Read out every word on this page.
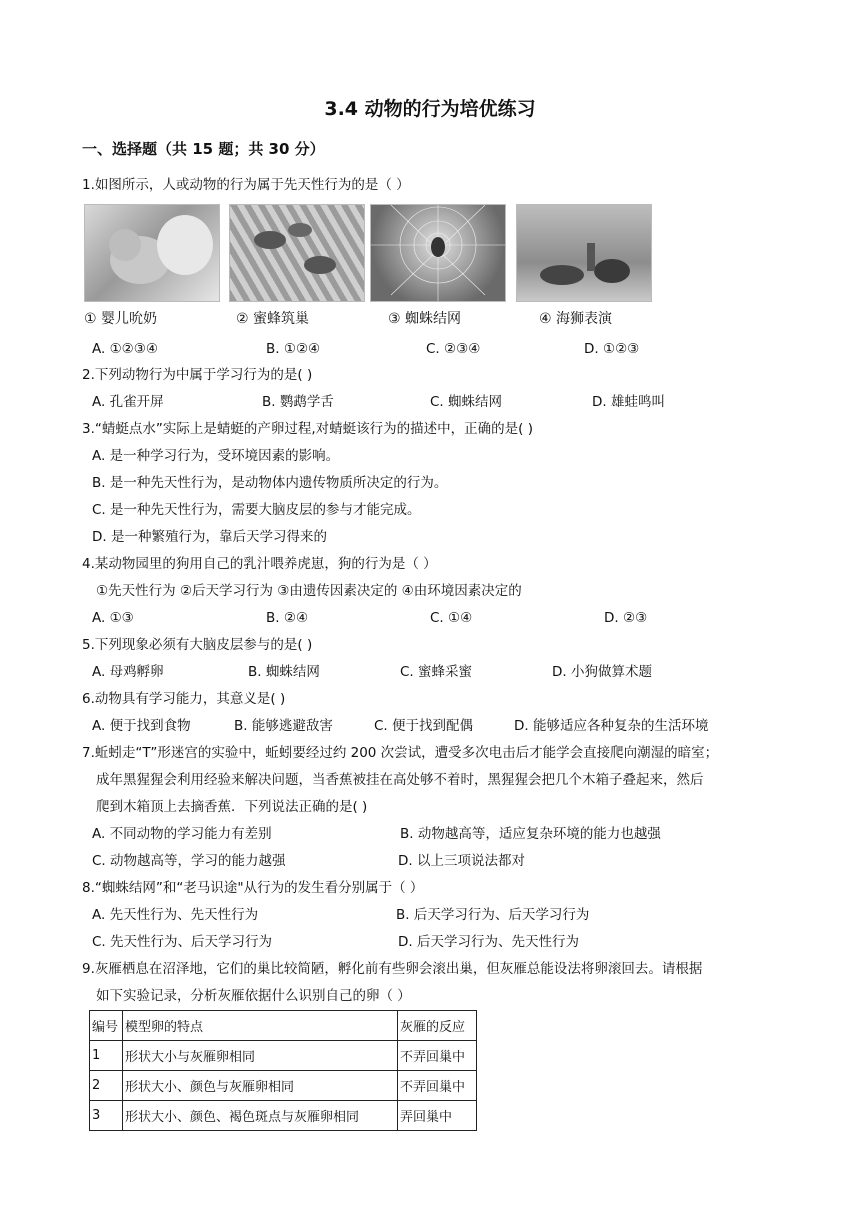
3.4 动物的行为培优练习
一、选择题（共 15 题；共 30 分）
1.如图所示，人或动物的行为属于先天性行为的是（ ）
① 婴儿吮奶	② 蜜蜂筑巢	③ 蜘蛛结网	④ 海狮表演
A. ①②③④	B. ①②④	C. ②③④	D. ①②③
2.下列动物行为中属于学习行为的是( )
A. 孔雀开屏	B. 鹦鹉学舌	C. 蜘蛛结网	D. 雄蛙鸣叫
3.“蜻蜓点水”实际上是蜻蜓的产卵过程,对蜻蜓该行为的描述中，正确的是( )
A. 是一种学习行为，受环境因素的影响。
B. 是一种先天性行为，是动物体内遗传物质所决定的行为。
C. 是一种先天性行为，需要大脑皮层的参与才能完成。
D. 是一种繁殖行为，靠后天学习得来的
4.某动物园里的狗用自己的乳汁喂养虎崽，狗的行为是（ ）
①先天性行为 ②后天学习行为 ③由遗传因素决定的 ④由环境因素决定的
A. ①③	B. ②④	C. ①④	D. ②③
5.下列现象必须有大脑皮层参与的是( )
A. 母鸡孵卵	B. 蜘蛛结网	C. 蜜蜂采蜜	D. 小狗做算术题
6.动物具有学习能力，其意义是( )
A. 便于找到食物	B. 能够逃避敌害	C. 便于找到配偶	D. 能够适应各种复杂的生活环境
7.蚯蚓走“T”形迷宫的实验中，蚯蚓要经过约 200 次尝试，遭受多次电击后才能学会直接爬向潮湿的暗室；
成年黑猩猩会利用经验来解决问题，当香蕉被挂在高处够不着时，黑猩猩会把几个木箱子叠起来，然后
爬到木箱顶上去摘香蕉．下列说法正确的是( )
A. 不同动物的学习能力有差别	B. 动物越高等，适应复杂环境的能力也越强
C. 动物越高等，学习的能力越强	D. 以上三项说法都对
8.“蜘蛛结网”和“老马识途"从行为的发生看分别属于（ ）
A. 先天性行为、先天性行为	B. 后天学习行为、后天学习行为
C. 先天性行为、后天学习行为	D. 后天学习行为、先天性行为
9.灰雁栖息在沼泽地，它们的巢比较简陋，孵化前有些卵会滚出巢，但灰雁总能设法将卵滚回去。请根据
如下实验记录，分析灰雁依据什么识别自己的卵（ ）
编号	模型卵的特点	灰雁的反应
1	形状大小与灰雁卵相同	不弄回巢中
2	形状大小、颜色与灰雁卵相同	不弄回巢中
3	形状大小、颜色、褐色斑点与灰雁卵相同	弄回巢中
